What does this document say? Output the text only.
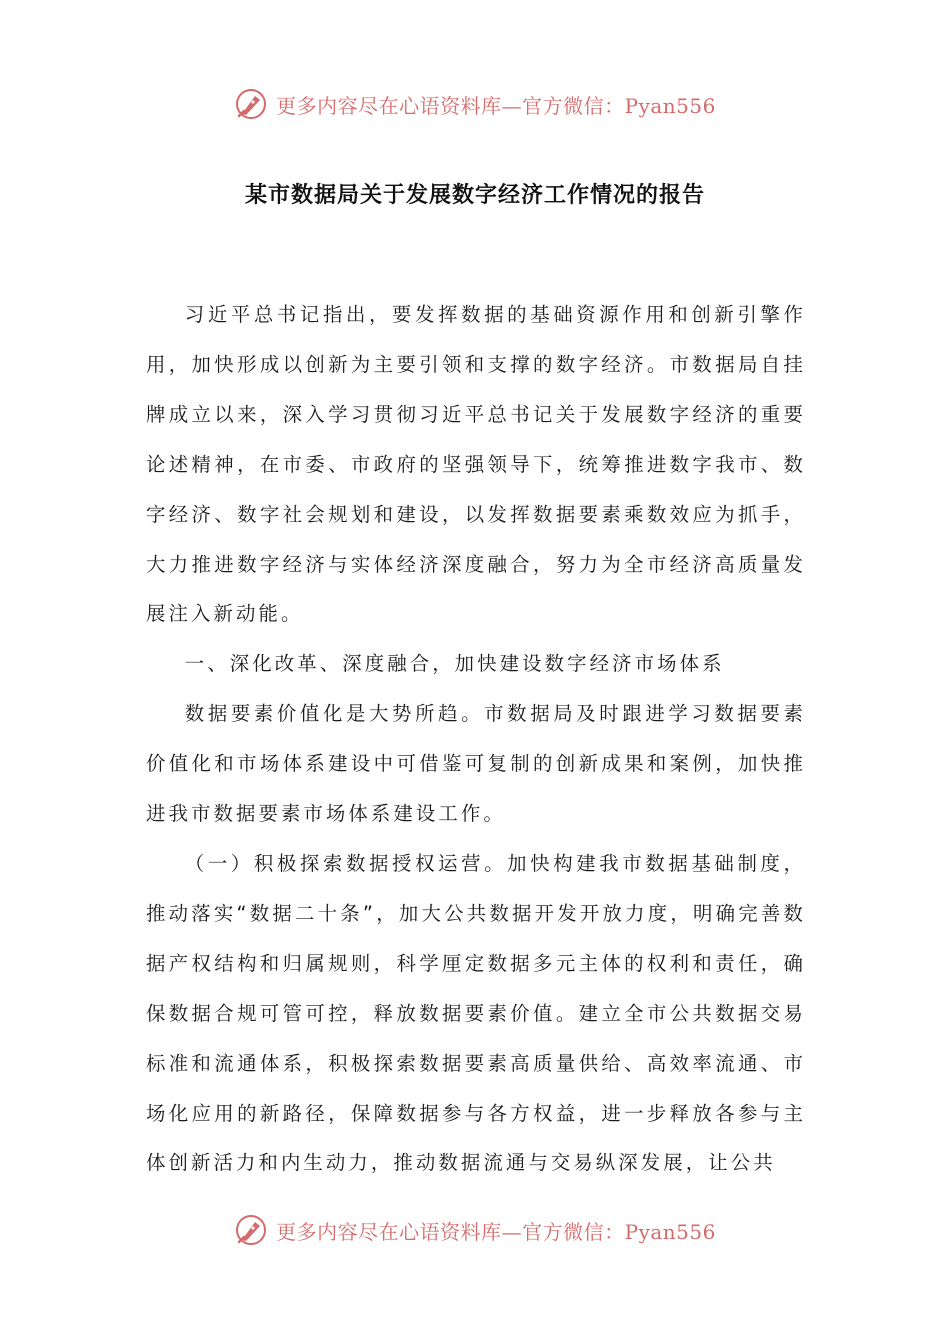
更多内容尽在心语资料库—官方微信：Pyan556
某市数据局关于发展数字经济工作情况的报告

习近平总书记指出，要发挥数据的基础资源作用和创新引擎作用，加快形成以创新为主要引领和支撑的数字经济。市数据局自挂牌成立以来，深入学习贯彻习近平总书记关于发展数字经济的重要论述精神，在市委、市政府的坚强领导下，统筹推进数字我市、数字经济、数字社会规划和建设，以发挥数据要素乘数效应为抓手，大力推进数字经济与实体经济深度融合，努力为全市经济高质量发展注入新动能。

一、深化改革、深度融合，加快建设数字经济市场体系

数据要素价值化是大势所趋。市数据局及时跟进学习数据要素价值化和市场体系建设中可借鉴可复制的创新成果和案例，加快推进我市数据要素市场体系建设工作。

（一）积极探索数据授权运营。加快构建我市数据基础制度，推动落实“数据二十条”，加大公共数据开发开放力度，明确完善数据产权结构和归属规则，科学厘定数据多元主体的权利和责任，确保数据合规可管可控，释放数据要素价值。建立全市公共数据交易标准和流通体系，积极探索数据要素高质量供给、高效率流通、市场化应用的新路径，保障数据参与各方权益，进一步释放各参与主体创新活力和内生动力，推动数据流通与交易纵深发展，让公共

更多内容尽在心语资料库—官方微信：Pyan556
